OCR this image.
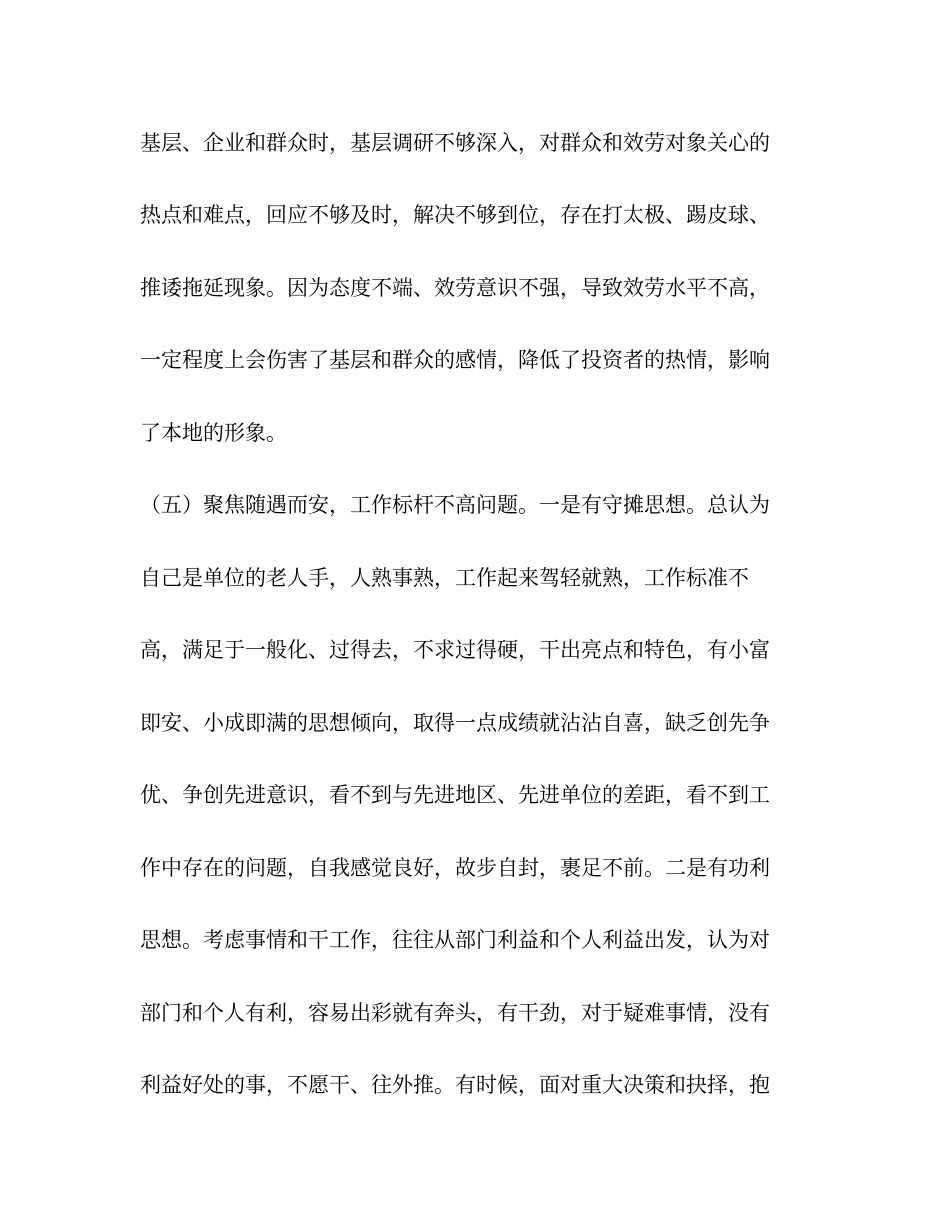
基层、企业和群众时，基层调研不够深入，对群众和效劳对象关心的
热点和难点，回应不够及时，解决不够到位，存在打太极、踢皮球、
推诿拖延现象。因为态度不端、效劳意识不强，导致效劳水平不高，
一定程度上会伤害了基层和群众的感情，降低了投资者的热情，影响
了本地的形象。
（五）聚焦随遇而安，工作标杆不高问题。一是有守摊思想。总认为
自己是单位的老人手，人熟事熟，工作起来驾轻就熟，工作标准不
高，满足于一般化、过得去，不求过得硬，干出亮点和特色，有小富
即安、小成即满的思想倾向，取得一点成绩就沾沾自喜，缺乏创先争
优、争创先进意识，看不到与先进地区、先进单位的差距，看不到工
作中存在的问题，自我感觉良好，故步自封，裹足不前。二是有功利
思想。考虑事情和干工作，往往从部门利益和个人利益出发，认为对
部门和个人有利，容易出彩就有奔头，有干劲，对于疑难事情，没有
利益好处的事，不愿干、往外推。有时候，面对重大决策和抉择，抱
